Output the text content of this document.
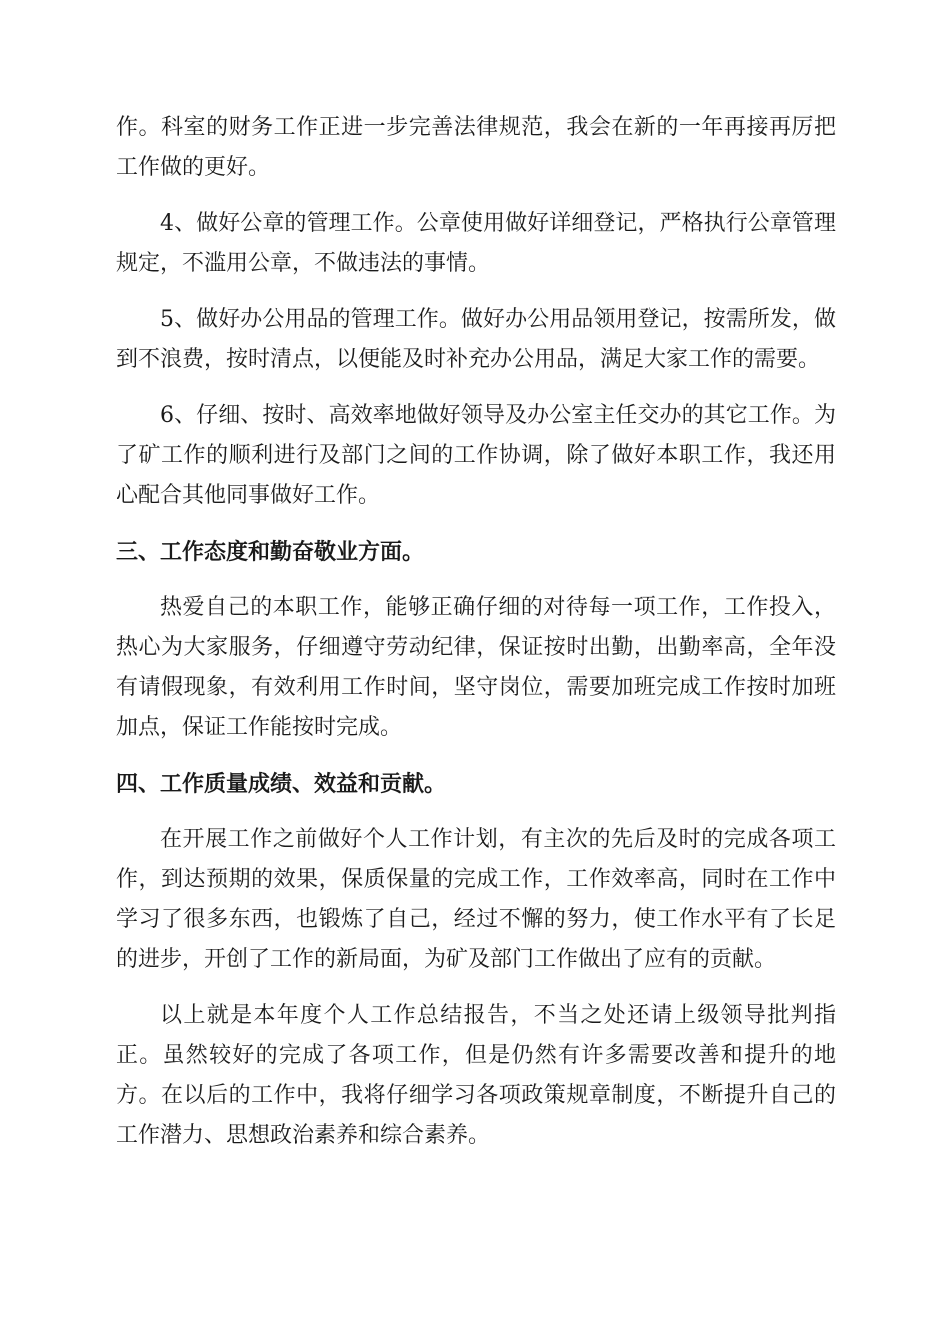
作。科室的财务工作正进一步完善法律规范，我会在新的一年再接再厉把工作做的更好。

4、做好公章的管理工作。公章使用做好详细登记，严格执行公章管理规定，不滥用公章，不做违法的事情。

5、做好办公用品的管理工作。做好办公用品领用登记，按需所发，做到不浪费，按时清点，以便能及时补充办公用品，满足大家工作的需要。

6、仔细、按时、高效率地做好领导及办公室主任交办的其它工作。为了矿工作的顺利进行及部门之间的工作协调，除了做好本职工作，我还用心配合其他同事做好工作。

三、工作态度和勤奋敬业方面。

热爱自己的本职工作，能够正确仔细的对待每一项工作，工作投入，热心为大家服务，仔细遵守劳动纪律，保证按时出勤，出勤率高，全年没有请假现象，有效利用工作时间，坚守岗位，需要加班完成工作按时加班加点，保证工作能按时完成。

四、工作质量成绩、效益和贡献。

在开展工作之前做好个人工作计划，有主次的先后及时的完成各项工作，到达预期的效果，保质保量的完成工作，工作效率高，同时在工作中学习了很多东西，也锻炼了自己，经过不懈的努力，使工作水平有了长足的进步，开创了工作的新局面，为矿及部门工作做出了应有的贡献。

以上就是本年度个人工作总结报告，不当之处还请上级领导批判指正。虽然较好的完成了各项工作，但是仍然有许多需要改善和提升的地方。在以后的工作中，我将仔细学习各项政策规章制度，不断提升自己的工作潜力、思想政治素养和综合素养。
